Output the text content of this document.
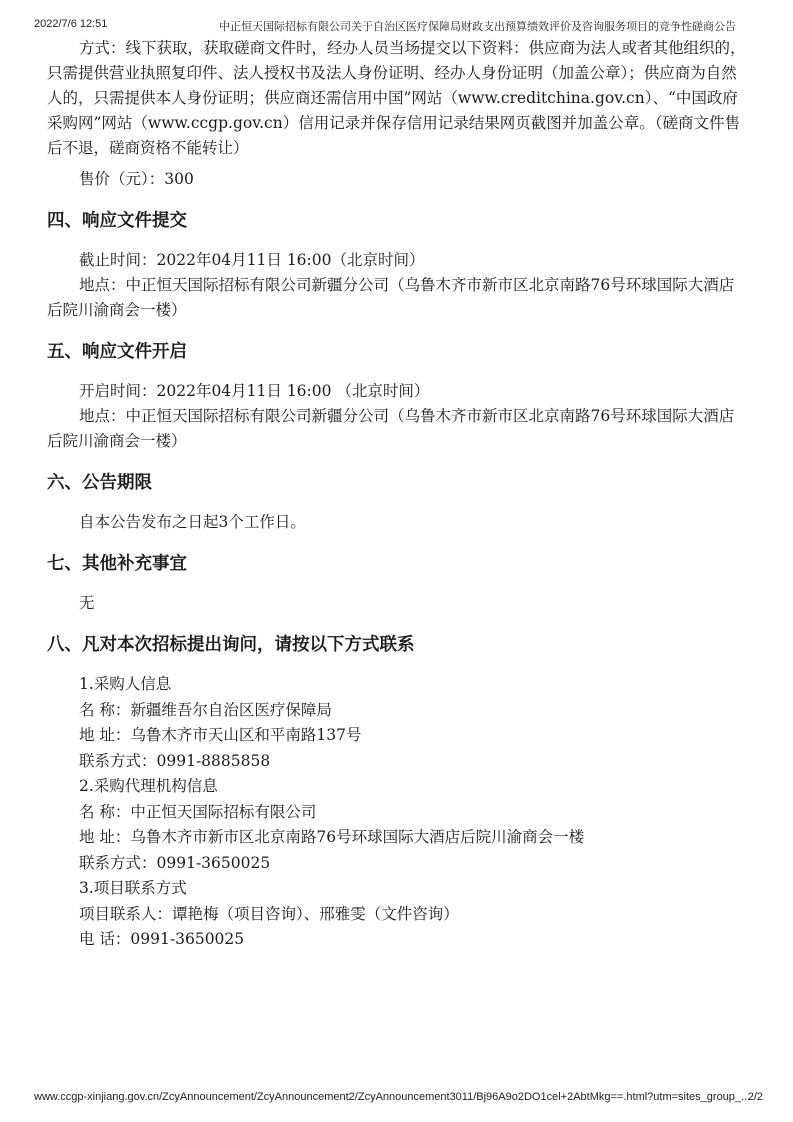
2022/7/6 12:51	中正恒天国际招标有限公司关于自治区医疗保障局财政支出预算绩效评价及咨询服务项目的竞争性磋商公告

方式：线下获取，获取磋商文件时，经办人员当场提交以下资料：供应商为法人或者其他组织的，只需提供营业执照复印件、法人授权书及法人身份证明、经办人身份证明（加盖公章）；供应商为自然人的，只需提供本人身份证明；供应商还需信用中国”网站（www.creditchina.gov.cn）、“中国政府采购网”网站（www.ccgp.gov.cn）信用记录并保存信用记录结果网页截图并加盖公章。（磋商文件售后不退，磋商资格不能转让）

售价（元）：300

四、响应文件提交

截止时间：2022年04月11日 16:00（北京时间）

地点：中正恒天国际招标有限公司新疆分公司（乌鲁木齐市新市区北京南路76号环球国际大酒店后院川渝商会一楼）

五、响应文件开启

开启时间：2022年04月11日 16:00 （北京时间）

地点：中正恒天国际招标有限公司新疆分公司（乌鲁木齐市新市区北京南路76号环球国际大酒店后院川渝商会一楼）

六、公告期限

自本公告发布之日起3个工作日。

七、其他补充事宜

无

八、凡对本次招标提出询问，请按以下方式联系

1.采购人信息

名 称：新疆维吾尔自治区医疗保障局

地 址：乌鲁木齐市天山区和平南路137号

联系方式：0991-8885858

2.采购代理机构信息

名 称：中正恒天国际招标有限公司

地 址：乌鲁木齐市新市区北京南路76号环球国际大酒店后院川渝商会一楼

联系方式：0991-3650025

3.项目联系方式

项目联系人：谭艳梅（项目咨询）、邢雅雯（文件咨询）

电 话：0991-3650025

www.ccgp-xinjiang.gov.cn/ZcyAnnouncement/ZcyAnnouncement2/ZcyAnnouncement3011/Bj96A9o2DO1cel+2AbtMkg==.html?utm=sites_group_...
2/2
